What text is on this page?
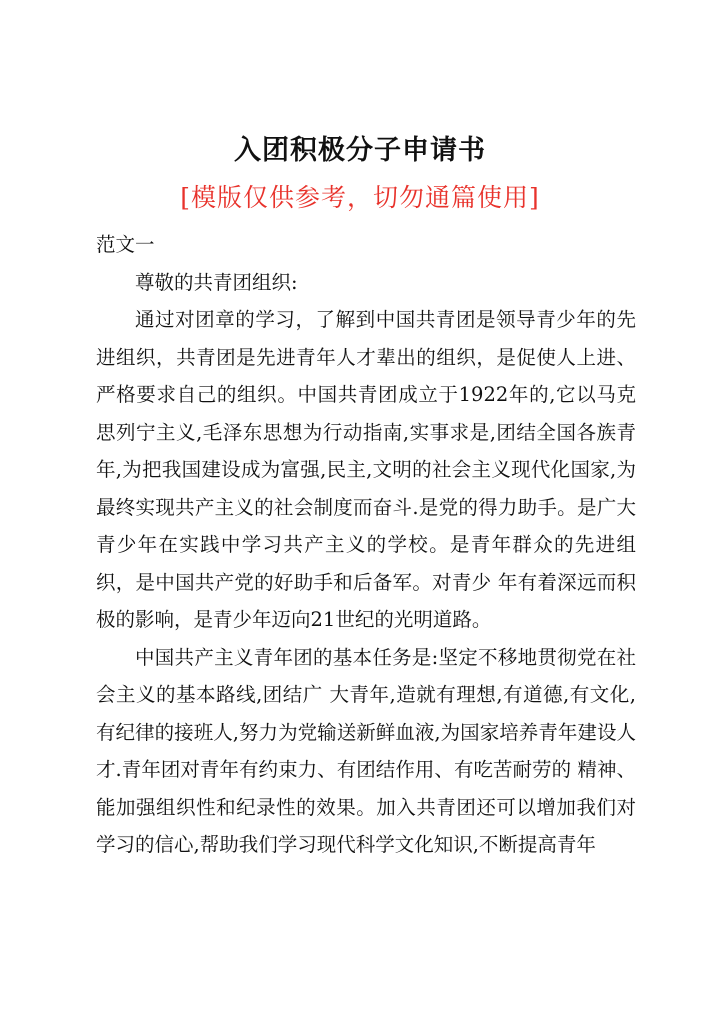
入团积极分子申请书
[模版仅供参考，切勿通篇使用]

范文一

尊敬的共青团组织:

通过对团章的学习，了解到中国共青团是领导青少年的先进组织，共青团是先进青年人才辈出的组织，是促使人上进、严格要求自己的组织。中国共青团成立于1922年的,它以马克思列宁主义,毛泽东思想为行动指南,实事求是,团结全国各族青年,为把我国建设成为富强,民主,文明的社会主义现代化国家,为最终实现共产主义的社会制度而奋斗.是党的得力助手。是广大青少年在实践中学习共产主义的学校。是青年群众的先进组织，是中国共产党的好助手和后备军。对青少 年有着深远而积极的影响，是青少年迈向21世纪的光明道路。

中国共产主义青年团的基本任务是:坚定不移地贯彻党在社会主义的基本路线,团结广 大青年,造就有理想,有道德,有文化,有纪律的接班人,努力为党输送新鲜血液,为国家培养青年建设人才.青年团对青年有约束力、有团结作用、有吃苦耐劳的 精神、能加强组织性和纪录性的效果。加入共青团还可以增加我们对学习的信心,帮助我们学习现代科学文化知识,不断提高青年
